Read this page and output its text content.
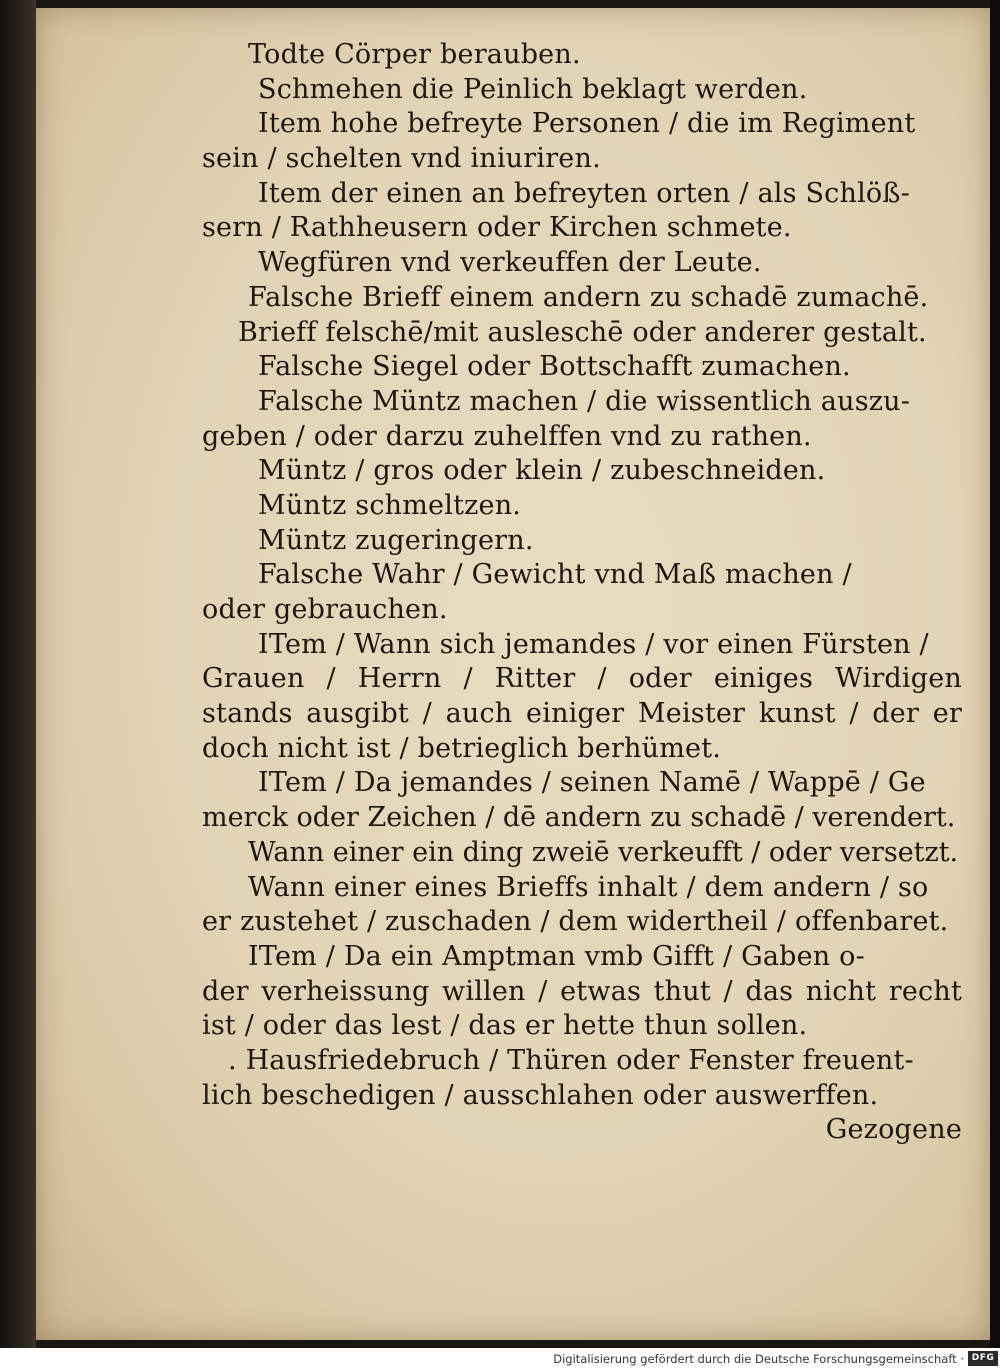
Todte Cörper berauben.
Schmehen die Peinlich beklagt werden.
Item hohe befreyte Personen / die im Regiment
sein / schelten vnd iniuriren.
Item der einen an befreyten orten / als Schlöß-
sern / Rathheusern oder Kirchen schmete.
Wegfüren vnd verkeuffen der Leute.
Falsche Brieff einem andern zu schadē zumachē.
Brieff felschē/mit ausleschē oder anderer gestalt.
Falsche Siegel oder Bottschafft zumachen.
Falsche Müntz machen / die wissentlich auszu-
geben / oder darzu zuhelffen vnd zu rathen.
Müntz / gros oder klein / zubeschneiden.
Müntz schmeltzen.
Müntz zugeringern.
Falsche Wahr / Gewicht vnd Maß machen /
oder gebrauchen.
ITem / Wann sich jemandes / vor einen Fürsten /
Grauen / Herrn / Ritter / oder einiges Wirdigen
stands ausgibt / auch einiger Meister kunst / der er
doch nicht ist / betrieglich berhümet.
ITem / Da jemandes / seinen Namē / Wappē / Ge
merck oder Zeichen / dē andern zu schadē / verendert.
Wann einer ein ding zweiē verkeufft / oder versetzt.
Wann einer eines Brieffs inhalt / dem andern / so
er zustehet / zuschaden / dem widertheil / offenbaret.
ITem / Da ein Amptman vmb Gifft / Gaben o-
der verheissung willen / etwas thut / das nicht recht
ist / oder das lest / das er hette thun sollen.
. Hausfriedebruch / Thüren oder Fenster freuent-
lich beschedigen / ausschlahen oder auswerffen.
Gezogene
Digitalisierung gefördert durch die Deutsche Forschungsgemeinschaft · DFG
